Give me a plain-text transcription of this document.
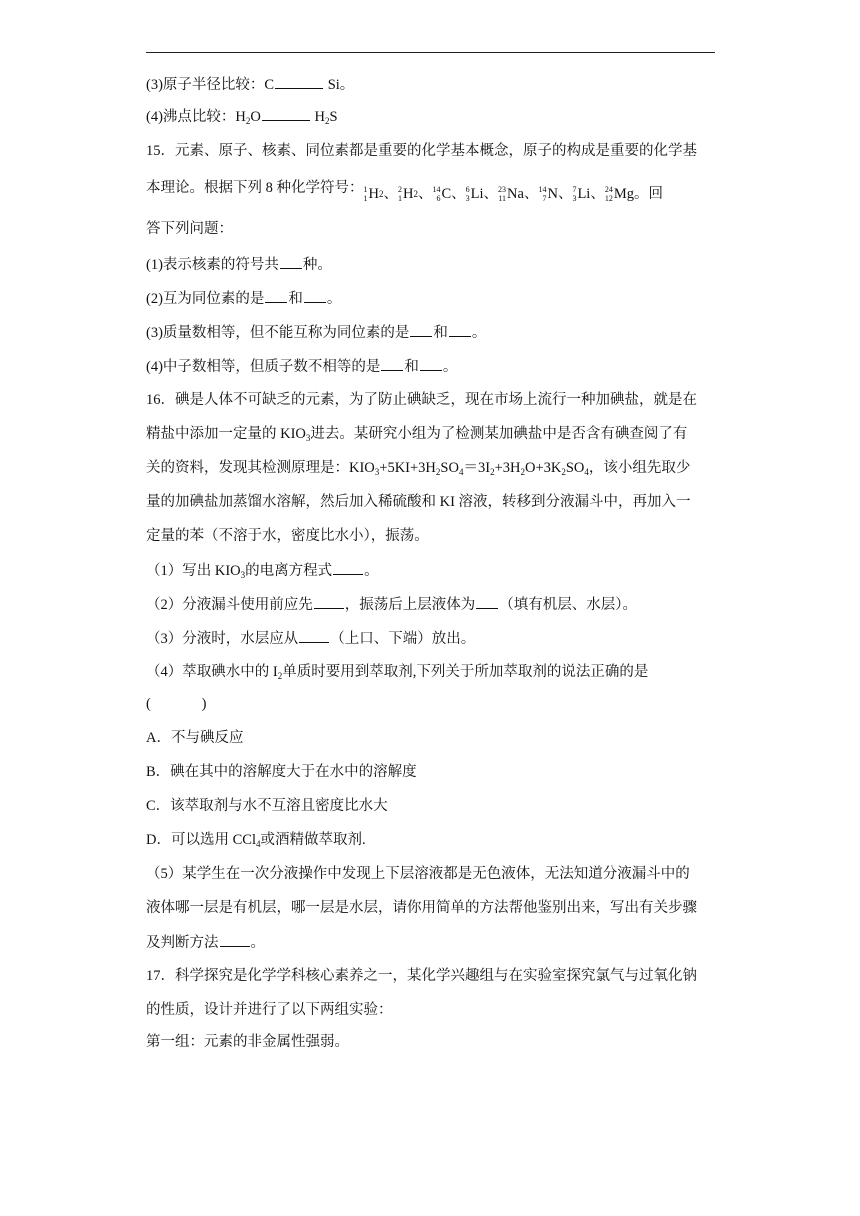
(3)原子半径比较：C	Si。
(4)沸点比较：$H_2O$	$H_2S$
15．元素、原子、核素、同位素都是重要的化学基本概念，原子的构成是重要的化学基
本理论。根据下列 8 种化学符号： 1
1 H 2 、 2
1 H 2 、 14
6 C 、 6
3 Li 、 23
11 Na 、 14
7 N 、 7
3 Li 、 24
12 Mg 。回
答下列问题：
(1)表示核素的符号共 种。
(2)互为同位素的是 和 。
(3)质量数相等，但不能互称为同位素的是 和 。
(4)中子数相等，但质子数不相等的是 和 。
16．碘是人体不可缺乏的元素，为了防止碘缺乏，现在市场上流行一种加碘盐，就是在
精盐中添加一定量的 $KIO_3$进去。某研究小组为了检测某加碘盐中是否含有碘查阅了有
关的资料，发现其检测原理是：$KIO_3+5KI+3H_2SO_4=3I_2+3H_2O+3K_2SO_4$，该小组先取少
量的加碘盐加蒸馏水溶解，然后加入稀硫酸和 KI 溶液，转移到分液漏斗中，再加入一
定量的苯（不溶于水，密度比水小），振荡。
（1）写出 $KIO_3$的电离方程式 。
（2）分液漏斗使用前应先 ，振荡后上层液体为 （填有机层、水层）。
（3）分液时，水层应从 （上口、下端）放出。
（4）萃取碘水中的 $I_2$单质时要用到萃取剂,下列关于所加萃取剂的说法正确的是
(              )
A．不与碘反应
B．碘在其中的溶解度大于在水中的溶解度
C．该萃取剂与水不互溶且密度比水大
D．可以选用 CCl$_4$或酒精做萃取剂.
（5）某学生在一次分液操作中发现上下层溶液都是无色液体，无法知道分液漏斗中的
液体哪一层是有机层，哪一层是水层，请你用简单的方法帮他鉴别出来，写出有关步骤
及判断方法 。
17．科学探究是化学学科核心素养之一，某化学兴趣组与在实验室探究氯气与过氧化钠
的性质，设计并进行了以下两组实验：
第一组：元素的非金属性强弱。
